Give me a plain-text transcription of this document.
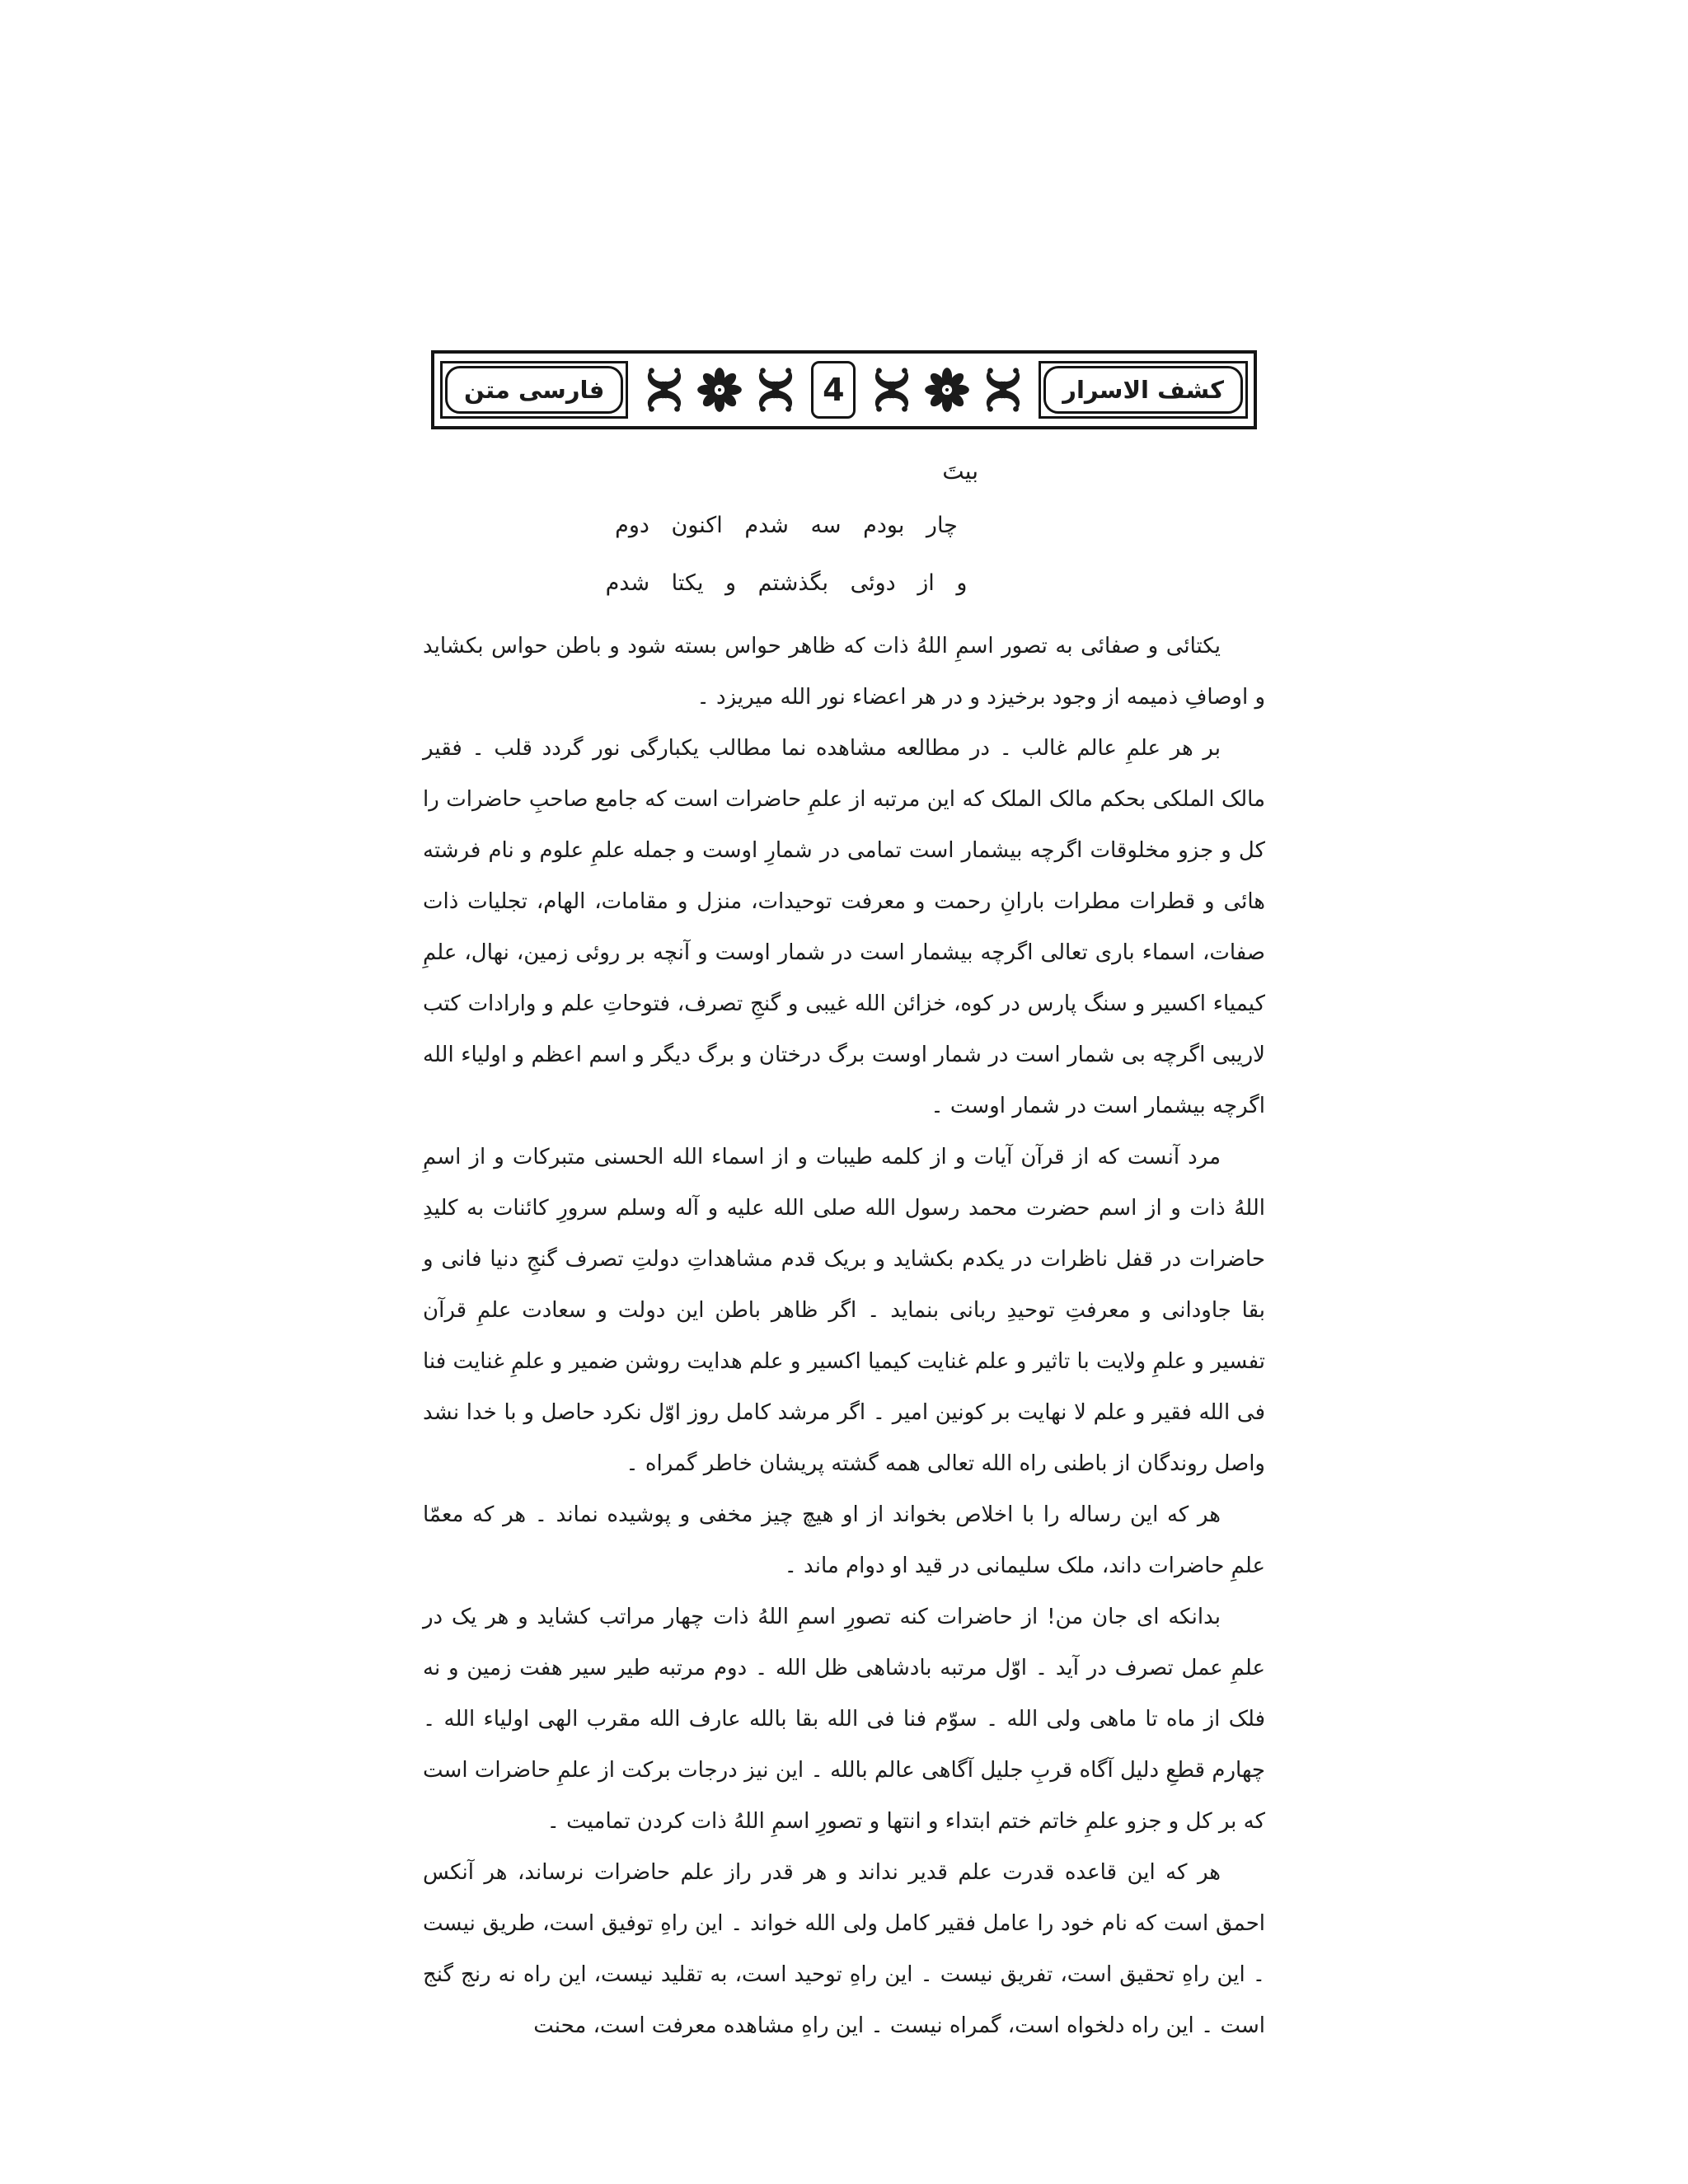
کشف الاسرار
4
فارسی متن
بیتَ
چار بودم سه شدم اکنون دوم
و از دوئی بگذشتم و یکتا شدم

یکتائی و صفائی به تصور اسمِ اللهُ ذات که ظاهر حواس بسته شود و باطن حواس بکشاید و اوصافِ ذمیمه از وجود برخیزد و در هر اعضاء نور الله میریزد ۔

بر هر علمِ عالم غالب ۔ در مطالعه مشاهده نما مطالب یکبارگی نور گردد قلب ۔ فقیر مالک الملکی بحکم مالک الملک که این مرتبه از علمِ حاضرات است که جامع صاحبِ حاضرات را کل و جزو مخلوقات اگرچه بیشمار است تمامی در شمارِ اوست و جمله علمِ علوم و نام فرشته هائی و قطرات مطرات بارانِ رحمت و معرفت توحیدات، منزل و مقامات، الهام، تجلیات ذات صفات، اسماء باری تعالی اگرچه بیشمار است در شمار اوست و آنچه بر روئی زمین، نهال، علمِ کیمیاء اکسیر و سنگ پارس در کوه، خزائن الله غیبی و گنجِ تصرف، فتوحاتِ علم و وارادات کتب لاریبی اگرچه بی شمار است در شمار اوست برگ درختان و برگ دیگر و اسم اعظم و اولیاء الله اگرچه بیشمار است در شمار اوست ۔

مرد آنست که از قرآن آیات و از کلمه طیبات و از اسماء الله الحسنی متبرکات و از اسمِ اللهُ ذات و از اسم حضرت محمد رسول الله صلی الله علیه و آله وسلم سرورِ کائنات به کلیدِ حاضرات در قفل ناظرات در یکدم بکشاید و بریک قدم مشاهداتِ دولتِ تصرف گنجِ دنیا فانی و بقا جاودانی و معرفتِ توحیدِ ربانی بنماید ۔ اگر ظاهر باطن این دولت و سعادت علمِ قرآن تفسیر و علمِ ولایت با تاثیر و علم غنایت کیمیا اکسیر و علم هدایت روشن ضمیر و علمِ غنایت فنا فی الله فقیر و علم لا نهایت بر کونین امیر ۔ اگر مرشد کامل روز اوّل نکرد حاصل و با خدا نشد واصل روندگان از باطنی راه الله تعالی همه گشته پریشان خاطر گمراه ۔

هر که این رساله را با اخلاص بخواند از او هیچ چیز مخفی و پوشیده نماند ۔ هر که معمّا علمِ حاضرات داند، ملک سلیمانی در قید او دوام ماند ۔

بدانکه ای جان من! از حاضرات کنه تصورِ اسمِ اللهُ ذات چهار مراتب کشاید و هر یک در علمِ عمل تصرف در آید ۔ اوّل مرتبه بادشاهی ظل الله ۔ دوم مرتبه طیر سیر هفت زمین و نه فلک از ماه تا ماهی ولی الله ۔ سوّم فنا فی الله بقا بالله عارف الله مقرب الهی اولیاء الله ۔ چهارم قطعِ دلیل آگاه قربِ جلیل آگاهی عالم بالله ۔ این نیز درجات برکت از علمِ حاضرات است که بر کل و جزو علمِ خاتم ختم ابتداء و انتها و تصورِ اسمِ اللهُ ذات کردن تمامیت ۔

هر که این قاعده قدرت علم قدیر نداند و هر قدر راز علم حاضرات نرساند، هر آنکس احمق است که نام خود را عامل فقیر کامل ولی الله خواند ۔ این راهِ توفیق است، طریق نیست ۔ این راهِ تحقیق است، تفریق نیست ۔ این راهِ توحید است، به تقلید نیست، این راه نه رنج گنج است ۔ این راه دلخواه است، گمراه نیست ۔ این راهِ مشاهده معرفت است، محنت
